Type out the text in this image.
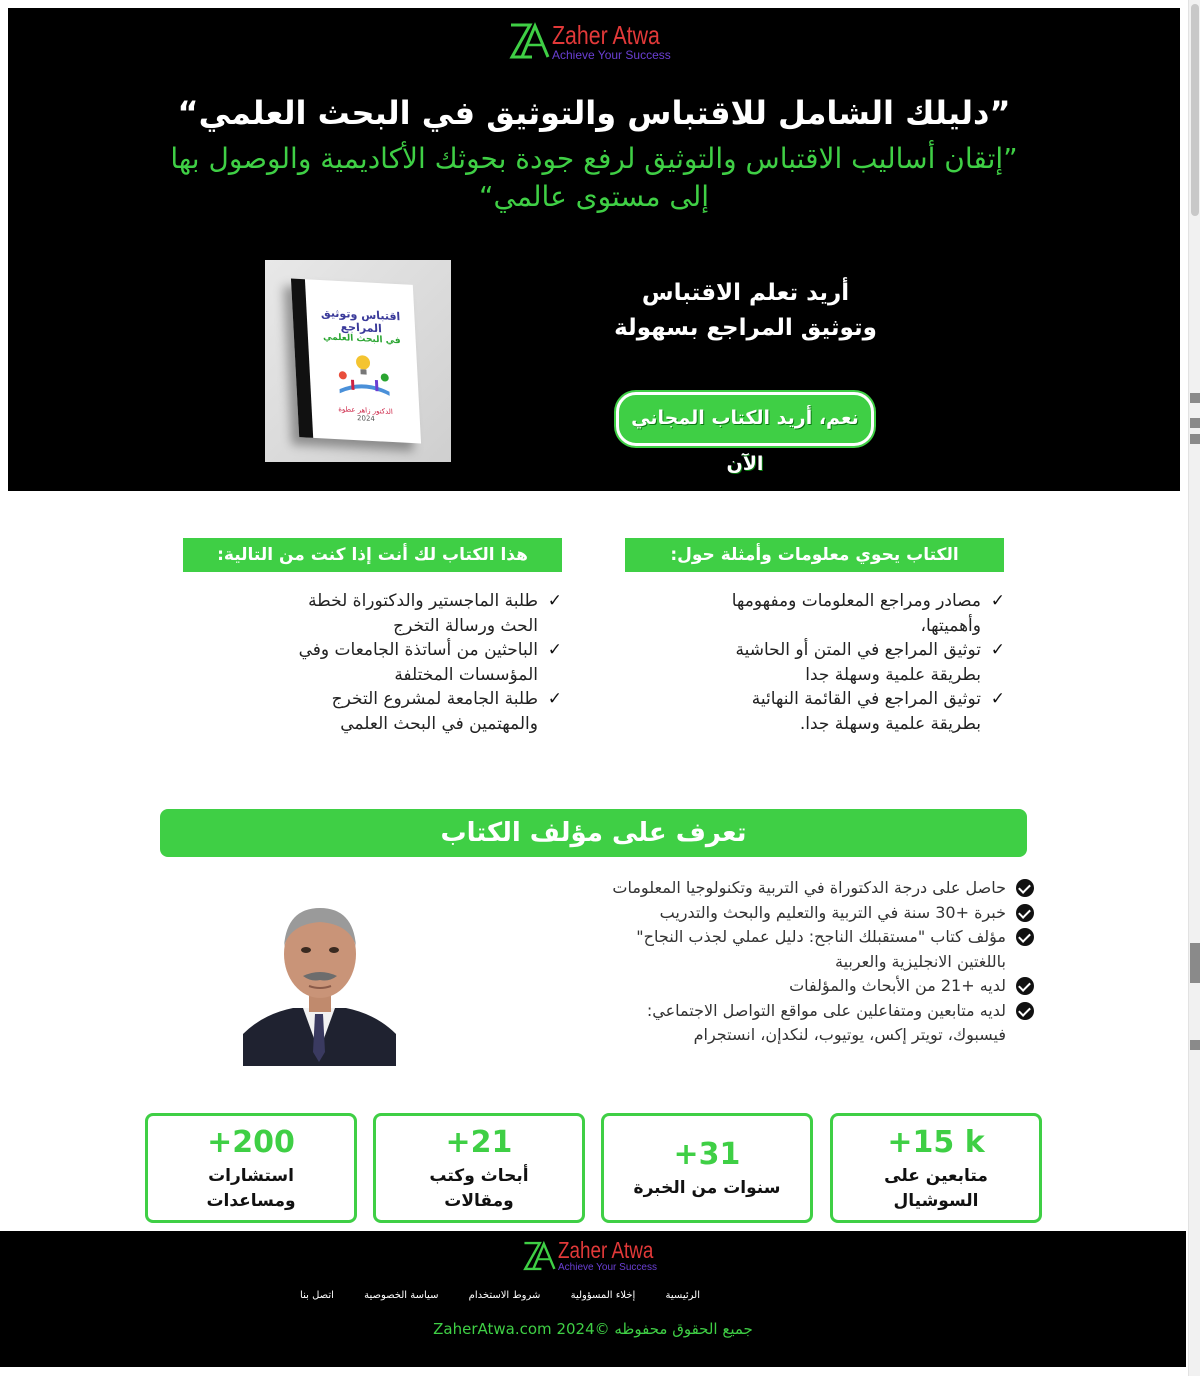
Zaher Atwa
Achieve Your Success
”دليلك الشامل للاقتباس والتوثيق في البحث العلمي“

”إتقان أساليب الاقتباس والتوثيق لرفع جودة بحوثك الأكاديمية والوصول بها إلى مستوى عالمي“

اقتباس وتوثيق المراجع
في البحث العلمي
الدكتور زاهر عطوة
2024
أريد تعلم الاقتباس وتوثيق المراجع بسهولة
نعم، أريد الكتاب المجاني الآن
الكتاب يحوي معلومات وأمثلة حول:
✓ مصادر ومراجع المعلومات ومفهومها وأهميتها،
✓ توثيق المراجع في المتن أو الحاشية بطريقة علمية وسهلة جدا
✓ توثيق المراجع في القائمة النهائية بطريقة علمية وسهلة جدا.
هذا الكتاب لك أنت إذا كنت من التالية:
✓ طلبة الماجستير والدكتوراة لخطة الحث ورسالة التخرج
✓ الباحثين من أساتذة الجامعات وفي المؤسسات المختلفة
✓ طلبة الجامعة لمشروع التخرج والمهتمين في البحث العلمي
تعرف على مؤلف الكتاب
حاصل على درجة الدكتوراة في التربية وتكنولوجيا المعلومات
خبرة +30 سنة في التربية والتعليم والبحث والتدريب
مؤلف كتاب "مستقبلك الناجح: دليل عملي لجذب النجاح" باللغتين الانجليزية والعربية
لديه +21 من الأبحاث والمؤلفات
لديه متابعين ومتفاعلين على مواقع التواصل الاجتماعي: فيسبوك، تويتر إكس، يوتيوب، لنكدإن، انستجرام
+15 k
متابعين على السوشيال
+31
سنوات من الخبرة
+21
أبحاث وكتب ومقالات
+200
استشارات ومساعدات
Zaher Atwa
Achieve Your Success
اتصل بنا	سياسة الخصوصية	شروط الاستخدام	إخلاء المسؤولية	الرئيسية
جميع الحقوق محفوظه ©ZaherAtwa.com 2024
